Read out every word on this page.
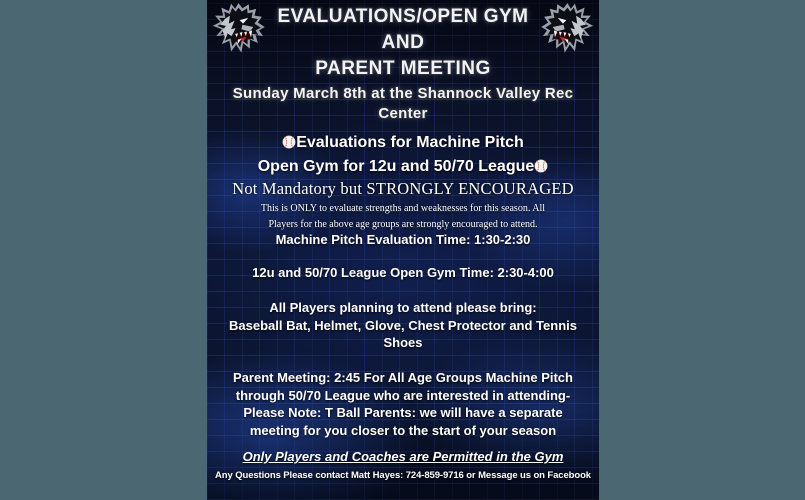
EVALUATIONS/OPEN GYM
AND
PARENT MEETING
Sunday March 8th at the Shannock Valley Rec
Center
Evaluations for Machine Pitch
Open Gym for 12u and 50/70 League
Not Mandatory but STRONGLY ENCOURAGED
This is ONLY to evaluate strengths and weaknesses for this season. All
Players for the above age groups are strongly encouraged to attend.
Machine Pitch Evaluation Time: 1:30-2:30
12u and 50/70 League Open Gym Time: 2:30-4:00
All Players planning to attend please bring:
Baseball Bat, Helmet, Glove, Chest Protector and Tennis
Shoes
Parent Meeting: 2:45 For All Age Groups Machine Pitch
through 50/70 League who are interested in attending-
Please Note: T Ball Parents: we will have a separate
meeting for you closer to the start of your season
Only Players and Coaches are Permitted in the Gym
Any Questions Please contact Matt Hayes: 724-859-9716 or Message us on Facebook
